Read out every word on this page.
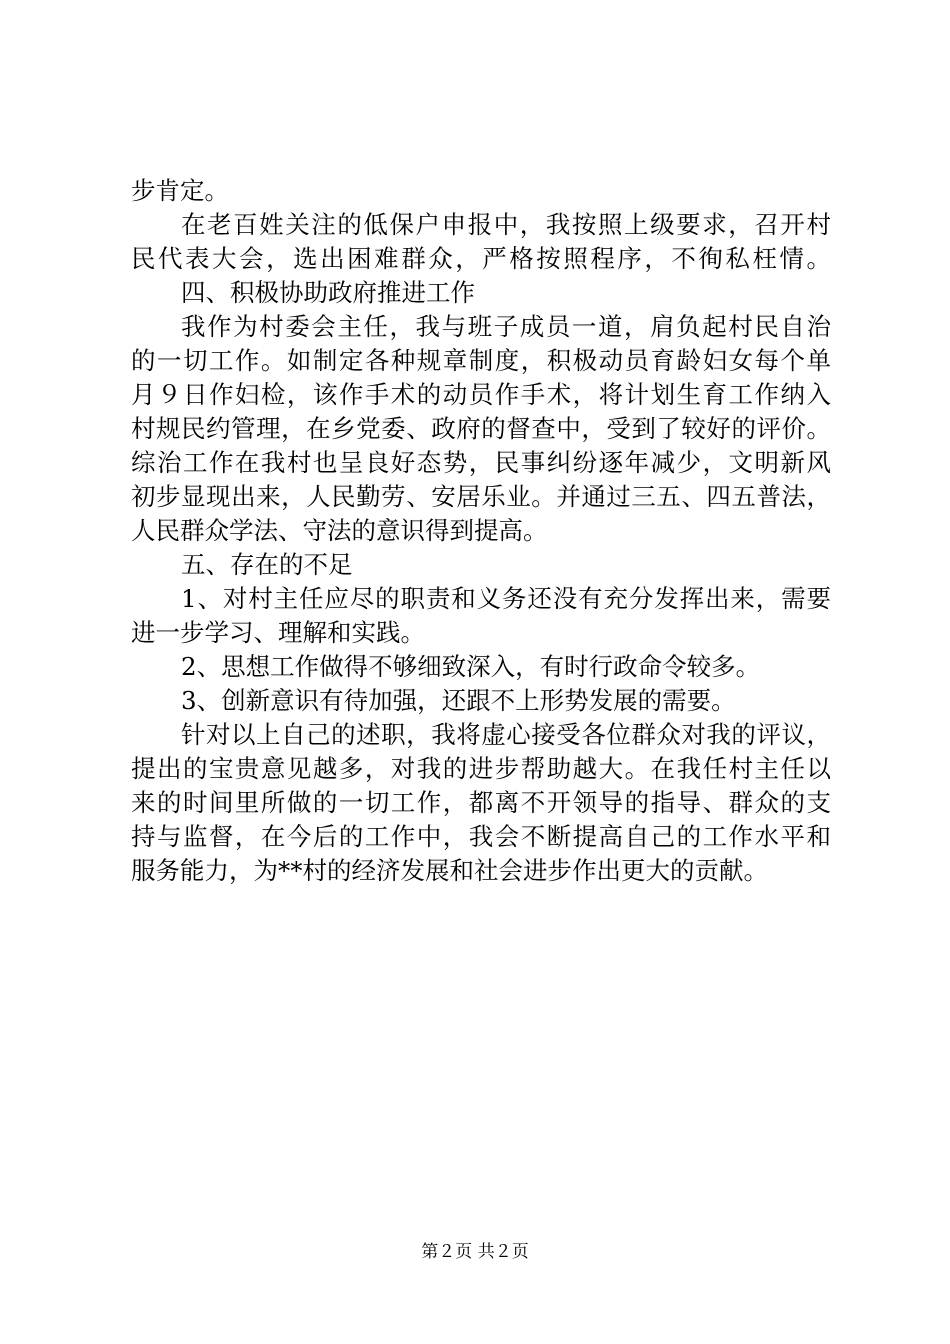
步肯定。
在老百姓关注的低保户申报中，我按照上级要求，召开村
民代表大会，选出困难群众，严格按照程序，不徇私枉情。
四、积极协助政府推进工作
我作为村委会主任，我与班子成员一道，肩负起村民自治
的一切工作。如制定各种规章制度，积极动员育龄妇女每个单
月９日作妇检，该作手术的动员作手术，将计划生育工作纳入
村规民约管理，在乡党委、政府的督查中，受到了较好的评价。
综治工作在我村也呈良好态势，民事纠纷逐年减少，文明新风
初步显现出来，人民勤劳、安居乐业。并通过三五、四五普法，
人民群众学法、守法的意识得到提高。
五、存在的不足
1、对村主任应尽的职责和义务还没有充分发挥出来，需要
进一步学习、理解和实践。
2、思想工作做得不够细致深入，有时行政命令较多。
3、创新意识有待加强，还跟不上形势发展的需要。
针对以上自己的述职，我将虚心接受各位群众对我的评议，
提出的宝贵意见越多，对我的进步帮助越大。在我任村主任以
来的时间里所做的一切工作，都离不开领导的指导、群众的支
持与监督，在今后的工作中，我会不断提高自己的工作水平和
服务能力，为**村的经济发展和社会进步作出更大的贡献。
第２页 共２页
